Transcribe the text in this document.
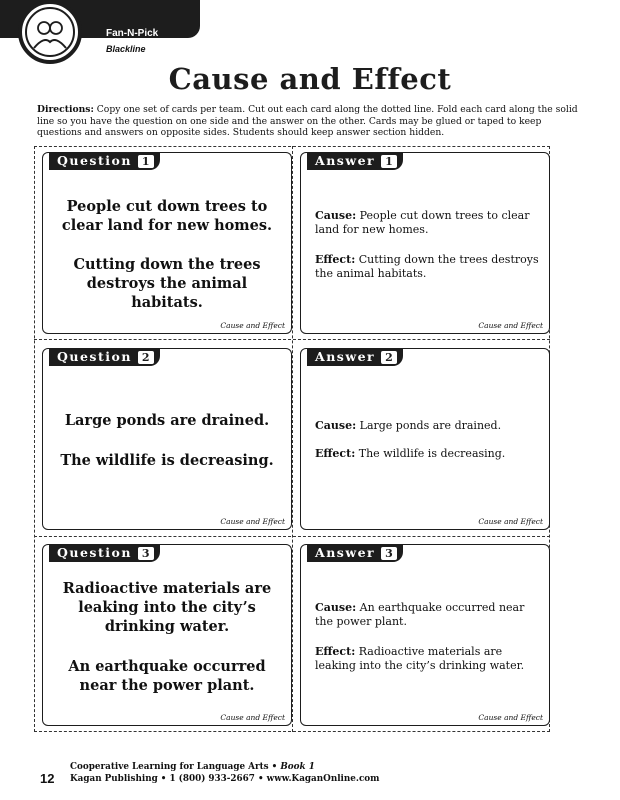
Fan-N-Pick
Blackline
Cause and Effect
Directions: Copy one set of cards per team. Cut out each card along the dotted line. Fold each card along the solid line so you have the question on one side and the answer on the other. Cards may be glued or taped to keep questions and answers on opposite sides. Students should keep answer section hidden.
Question 1
People cut down trees to clear land for new homes.
Cutting down the trees destroys the animal habitats.
Cause and Effect
Answer 1
Cause: People cut down trees to clear land for new homes.
Effect: Cutting down the trees destroys the animal habitats.
Cause and Effect
Question 2
Large ponds are drained.
The wildlife is decreasing.
Cause and Effect
Answer 2
Cause: Large ponds are drained.
Effect: The wildlife is decreasing.
Cause and Effect
Question 3
Radioactive materials are leaking into the city’s drinking water.
An earthquake occurred near the power plant.
Cause and Effect
Answer 3
Cause: An earthquake occurred near the power plant.
Effect: Radioactive materials are leaking into the city’s drinking water.
Cause and Effect
12
Cooperative Learning for Language Arts • Book 1
Kagan Publishing • 1 (800) 933-2667 • www.KaganOnline.com
